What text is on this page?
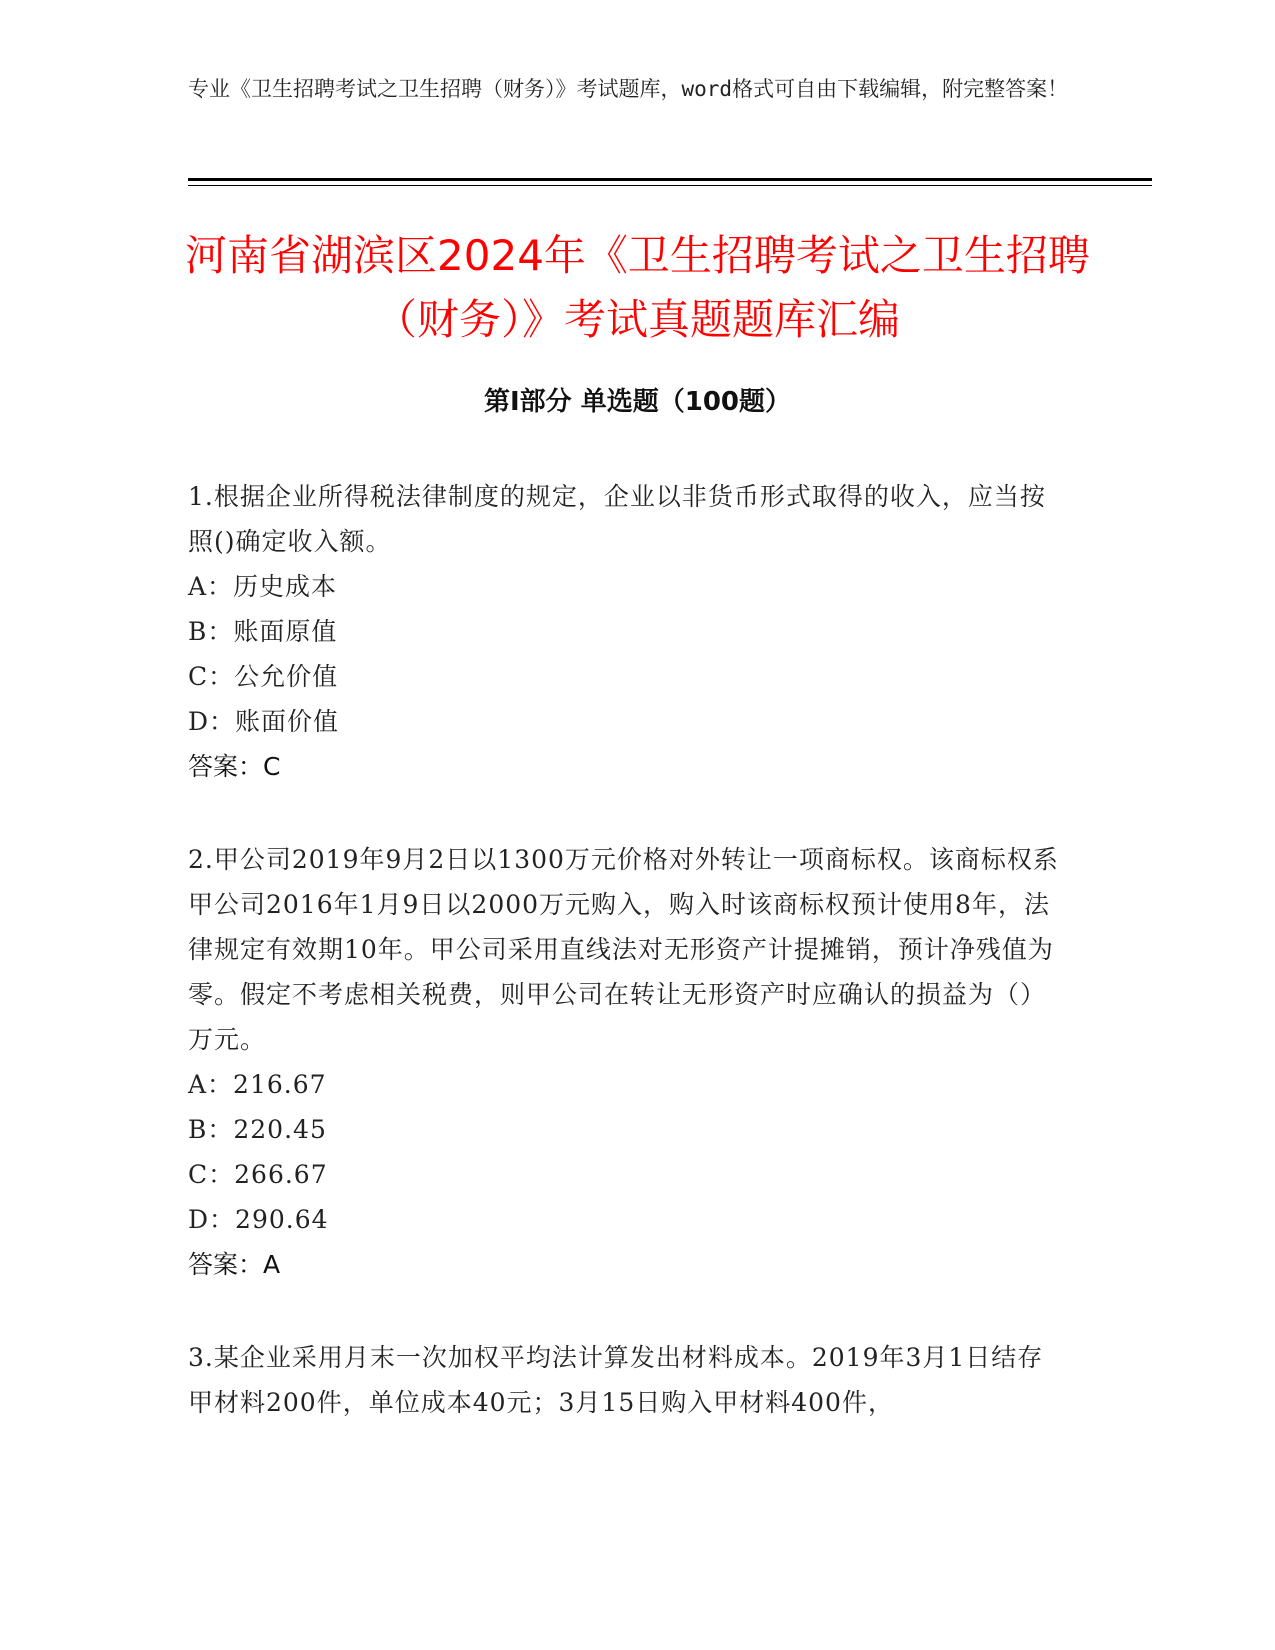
专业《卫生招聘考试之卫生招聘（财务）》考试题库，word格式可自由下载编辑，附完整答案！
河南省湖滨区2024年《卫生招聘考试之卫生招聘（财务）》考试真题题库汇编
第Ⅰ部分 单选题（100题）
1.根据企业所得税法律制度的规定，企业以非货币形式取得的收入，应当按照()确定收入额。
A：历史成本
B：账面原值
C：公允价值
D：账面价值
答案：C
2.甲公司2019年9月2日以1300万元价格对外转让一项商标权。该商标权系甲公司2016年1月9日以2000万元购入，购入时该商标权预计使用8年，法律规定有效期10年。甲公司采用直线法对无形资产计提摊销，预计净残值为零。假定不考虑相关税费，则甲公司在转让无形资产时应确认的损益为（）万元。
A：216.67
B：220.45
C：266.67
D：290.64
答案：A
3.某企业采用月末一次加权平均法计算发出材料成本。2019年3月1日结存甲材料200件，单位成本40元；3月15日购入甲材料400件，
